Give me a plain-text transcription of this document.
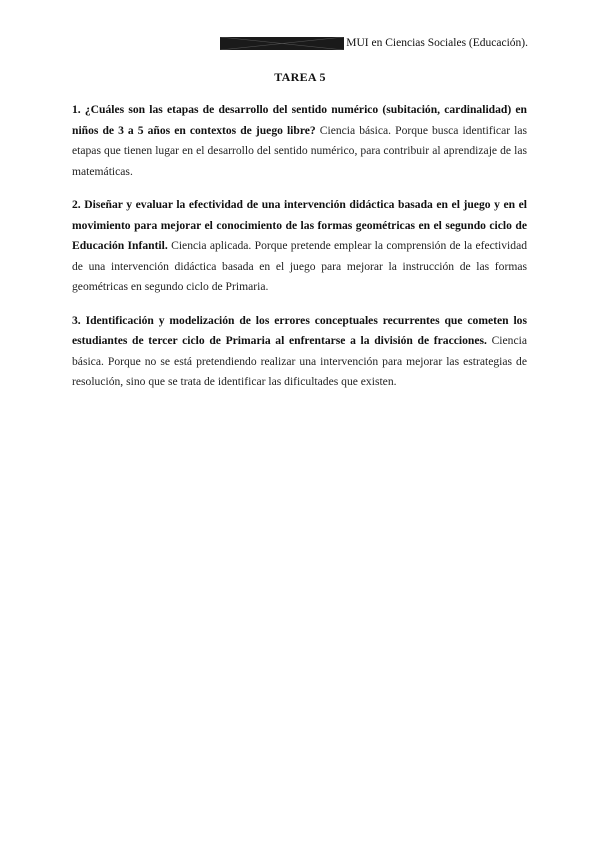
MUI en Ciencias Sociales (Educación).
TAREA 5

1. ¿Cuáles son las etapas de desarrollo del sentido numérico (subitación, cardinalidad) en niños de 3 a 5 años en contextos de juego libre? Ciencia básica. Porque busca identificar las etapas que tienen lugar en el desarrollo del sentido numérico, para contribuir al aprendizaje de las matemáticas.

2. Diseñar y evaluar la efectividad de una intervención didáctica basada en el juego y en el movimiento para mejorar el conocimiento de las formas geométricas en el segundo ciclo de Educación Infantil. Ciencia aplicada. Porque pretende emplear la comprensión de la efectividad de una intervención didáctica basada en el juego para mejorar la instrucción de las formas geométricas en segundo ciclo de Primaria.

3. Identificación y modelización de los errores conceptuales recurrentes que cometen los estudiantes de tercer ciclo de Primaria al enfrentarse a la división de fracciones. Ciencia básica. Porque no se está pretendiendo realizar una intervención para mejorar las estrategias de resolución, sino que se trata de identificar las dificultades que existen.
